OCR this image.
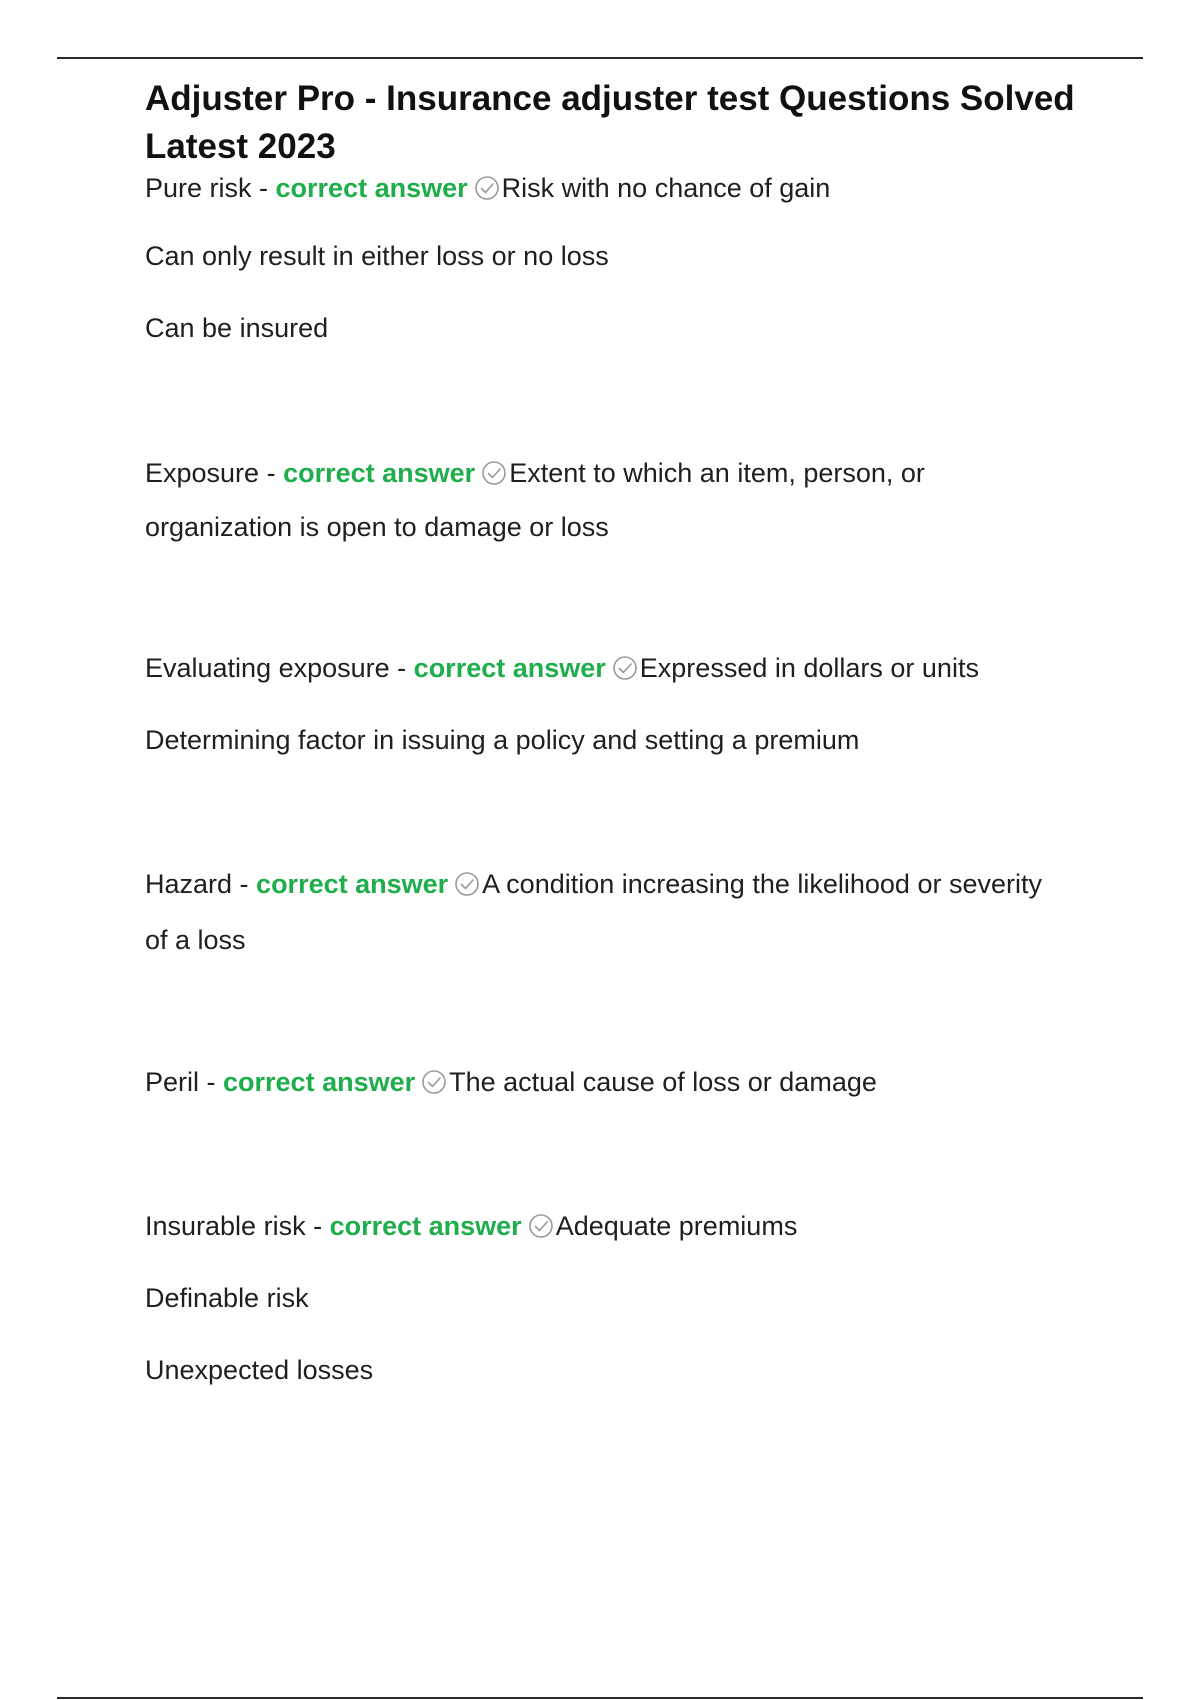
Adjuster Pro - Insurance adjuster test Questions Solved Latest 2023
Pure risk - correct answer Risk with no chance of gain
Can only result in either loss or no loss
Can be insured
Exposure - correct answer Extent to which an item, person, or
organization is open to damage or loss
Evaluating exposure - correct answer Expressed in dollars or units
Determining factor in issuing a policy and setting a premium
Hazard - correct answer A condition increasing the likelihood or severity
of a loss
Peril - correct answer The actual cause of loss or damage
Insurable risk - correct answer Adequate premiums
Definable risk
Unexpected losses
